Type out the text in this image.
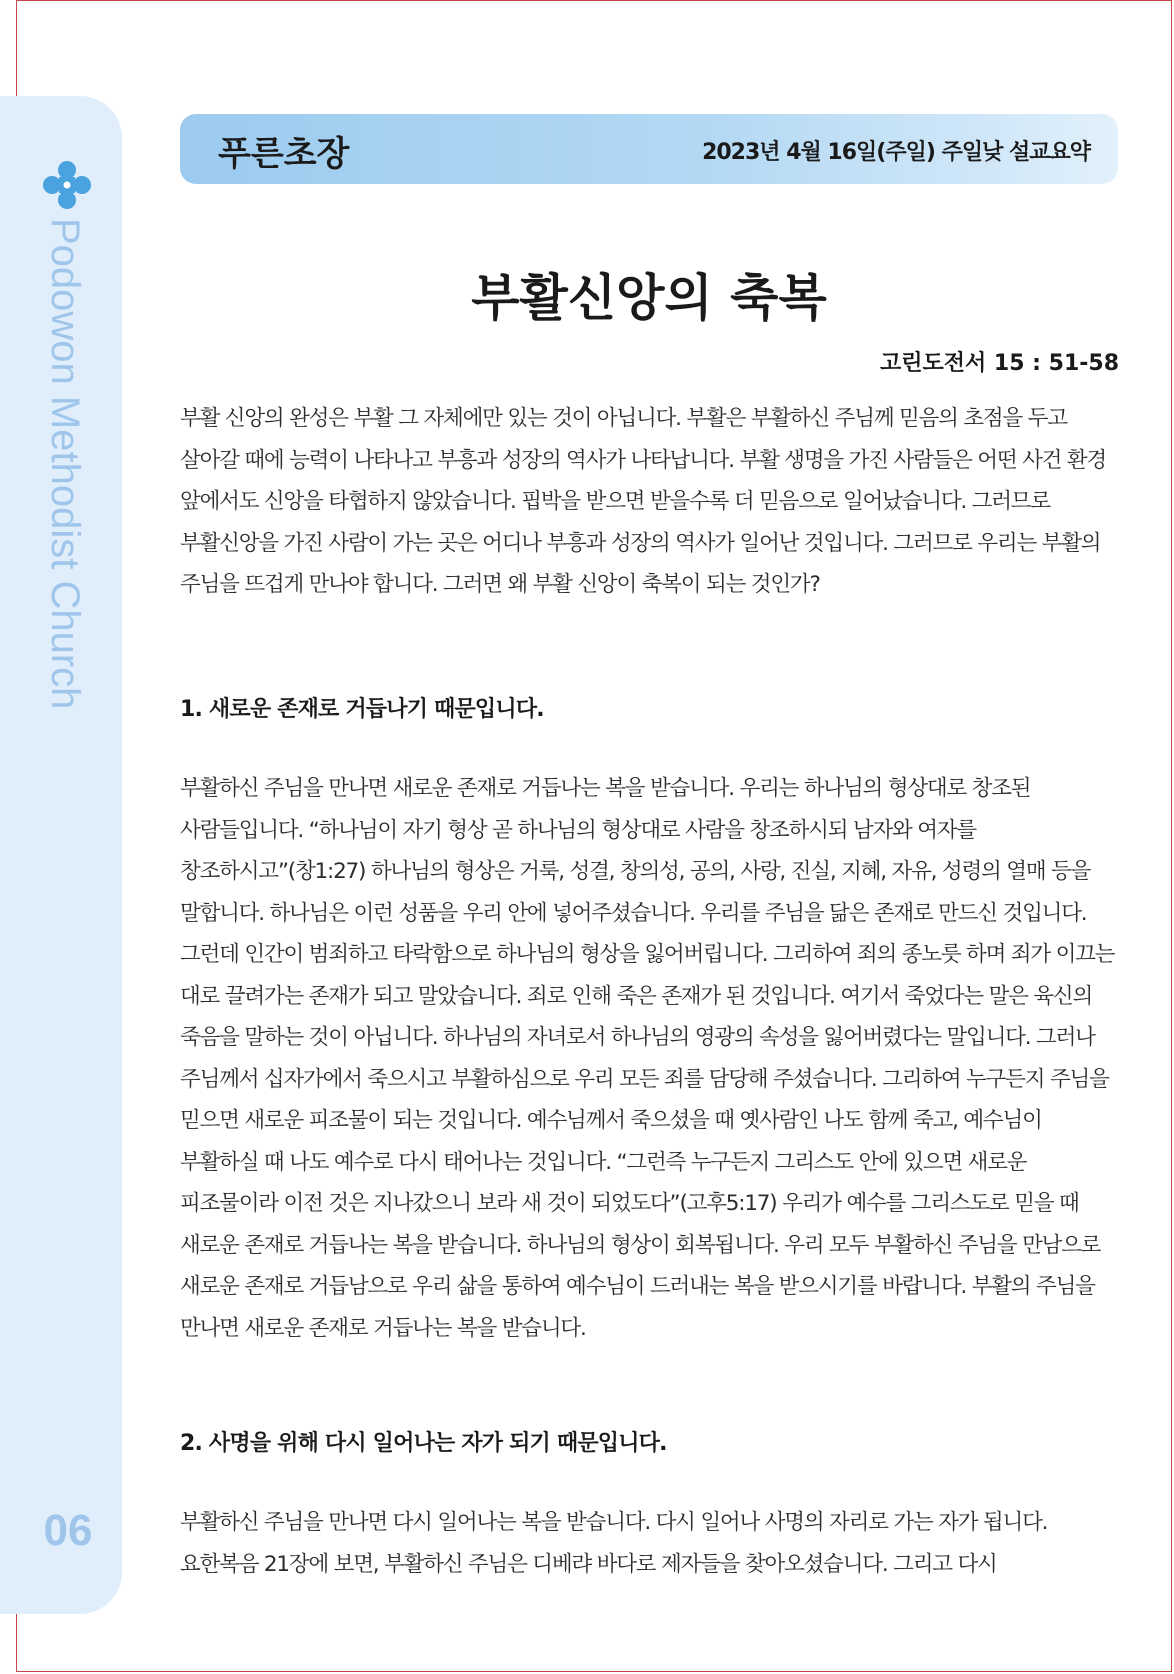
Podowon Methodist Church
06
푸른초장	2023년 4월 16일(주일) 주일낮 설교요약
부활신앙의 축복
고린도전서 15 : 51-58
부활 신앙의 완성은 부활 그 자체에만 있는 것이 아닙니다. 부활은 부활하신 주님께 믿음의 초점을 두고 살아갈 때에 능력이 나타나고 부흥과 성장의 역사가 나타납니다. 부활 생명을 가진 사람들은 어떤 사건 환경 앞에서도 신앙을 타협하지 않았습니다. 핍박을 받으면 받을수록 더 믿음으로 일어났습니다. 그러므로 부활신앙을 가진 사람이 가는 곳은 어디나 부흥과 성장의 역사가 일어난 것입니다. 그러므로 우리는 부활의 주님을 뜨겁게 만나야 합니다. 그러면 왜 부활 신앙이 축복이 되는 것인가?
1. 새로운 존재로 거듭나기 때문입니다.
부활하신 주님을 만나면 새로운 존재로 거듭나는 복을 받습니다. 우리는 하나님의 형상대로 창조된 사람들입니다. “하나님이 자기 형상 곧 하나님의 형상대로 사람을 창조하시되 남자와 여자를 창조하시고”(창1:27) 하나님의 형상은 거룩, 성결, 창의성, 공의, 사랑, 진실, 지혜, 자유, 성령의 열매 등을 말합니다. 하나님은 이런 성품을 우리 안에 넣어주셨습니다. 우리를 주님을 닮은 존재로 만드신 것입니다. 그런데 인간이 범죄하고 타락함으로 하나님의 형상을 잃어버립니다. 그리하여 죄의 종노릇 하며 죄가 이끄는 대로 끌려가는 존재가 되고 말았습니다. 죄로 인해 죽은 존재가 된 것입니다. 여기서 죽었다는 말은 육신의 죽음을 말하는 것이 아닙니다. 하나님의 자녀로서 하나님의 영광의 속성을 잃어버렸다는 말입니다. 그러나 주님께서 십자가에서 죽으시고 부활하심으로 우리 모든 죄를 담당해 주셨습니다. 그리하여 누구든지 주님을 믿으면 새로운 피조물이 되는 것입니다. 예수님께서 죽으셨을 때 옛사람인 나도 함께 죽고, 예수님이 부활하실 때 나도 예수로 다시 태어나는 것입니다. “그런즉 누구든지 그리스도 안에 있으면 새로운 피조물이라 이전 것은 지나갔으니 보라 새 것이 되었도다”(고후5:17) 우리가 예수를 그리스도로 믿을 때 새로운 존재로 거듭나는 복을 받습니다. 하나님의 형상이 회복됩니다. 우리 모두 부활하신 주님을 만남으로 새로운 존재로 거듭남으로 우리 삶을 통하여 예수님이 드러내는 복을 받으시기를 바랍니다. 부활의 주님을 만나면 새로운 존재로 거듭나는 복을 받습니다.
2. 사명을 위해 다시 일어나는 자가 되기 때문입니다.
부활하신 주님을 만나면 다시 일어나는 복을 받습니다. 다시 일어나 사명의 자리로 가는 자가 됩니다. 요한복음 21장에 보면, 부활하신 주님은 디베랴 바다로 제자들을 찾아오셨습니다. 그리고 다시
